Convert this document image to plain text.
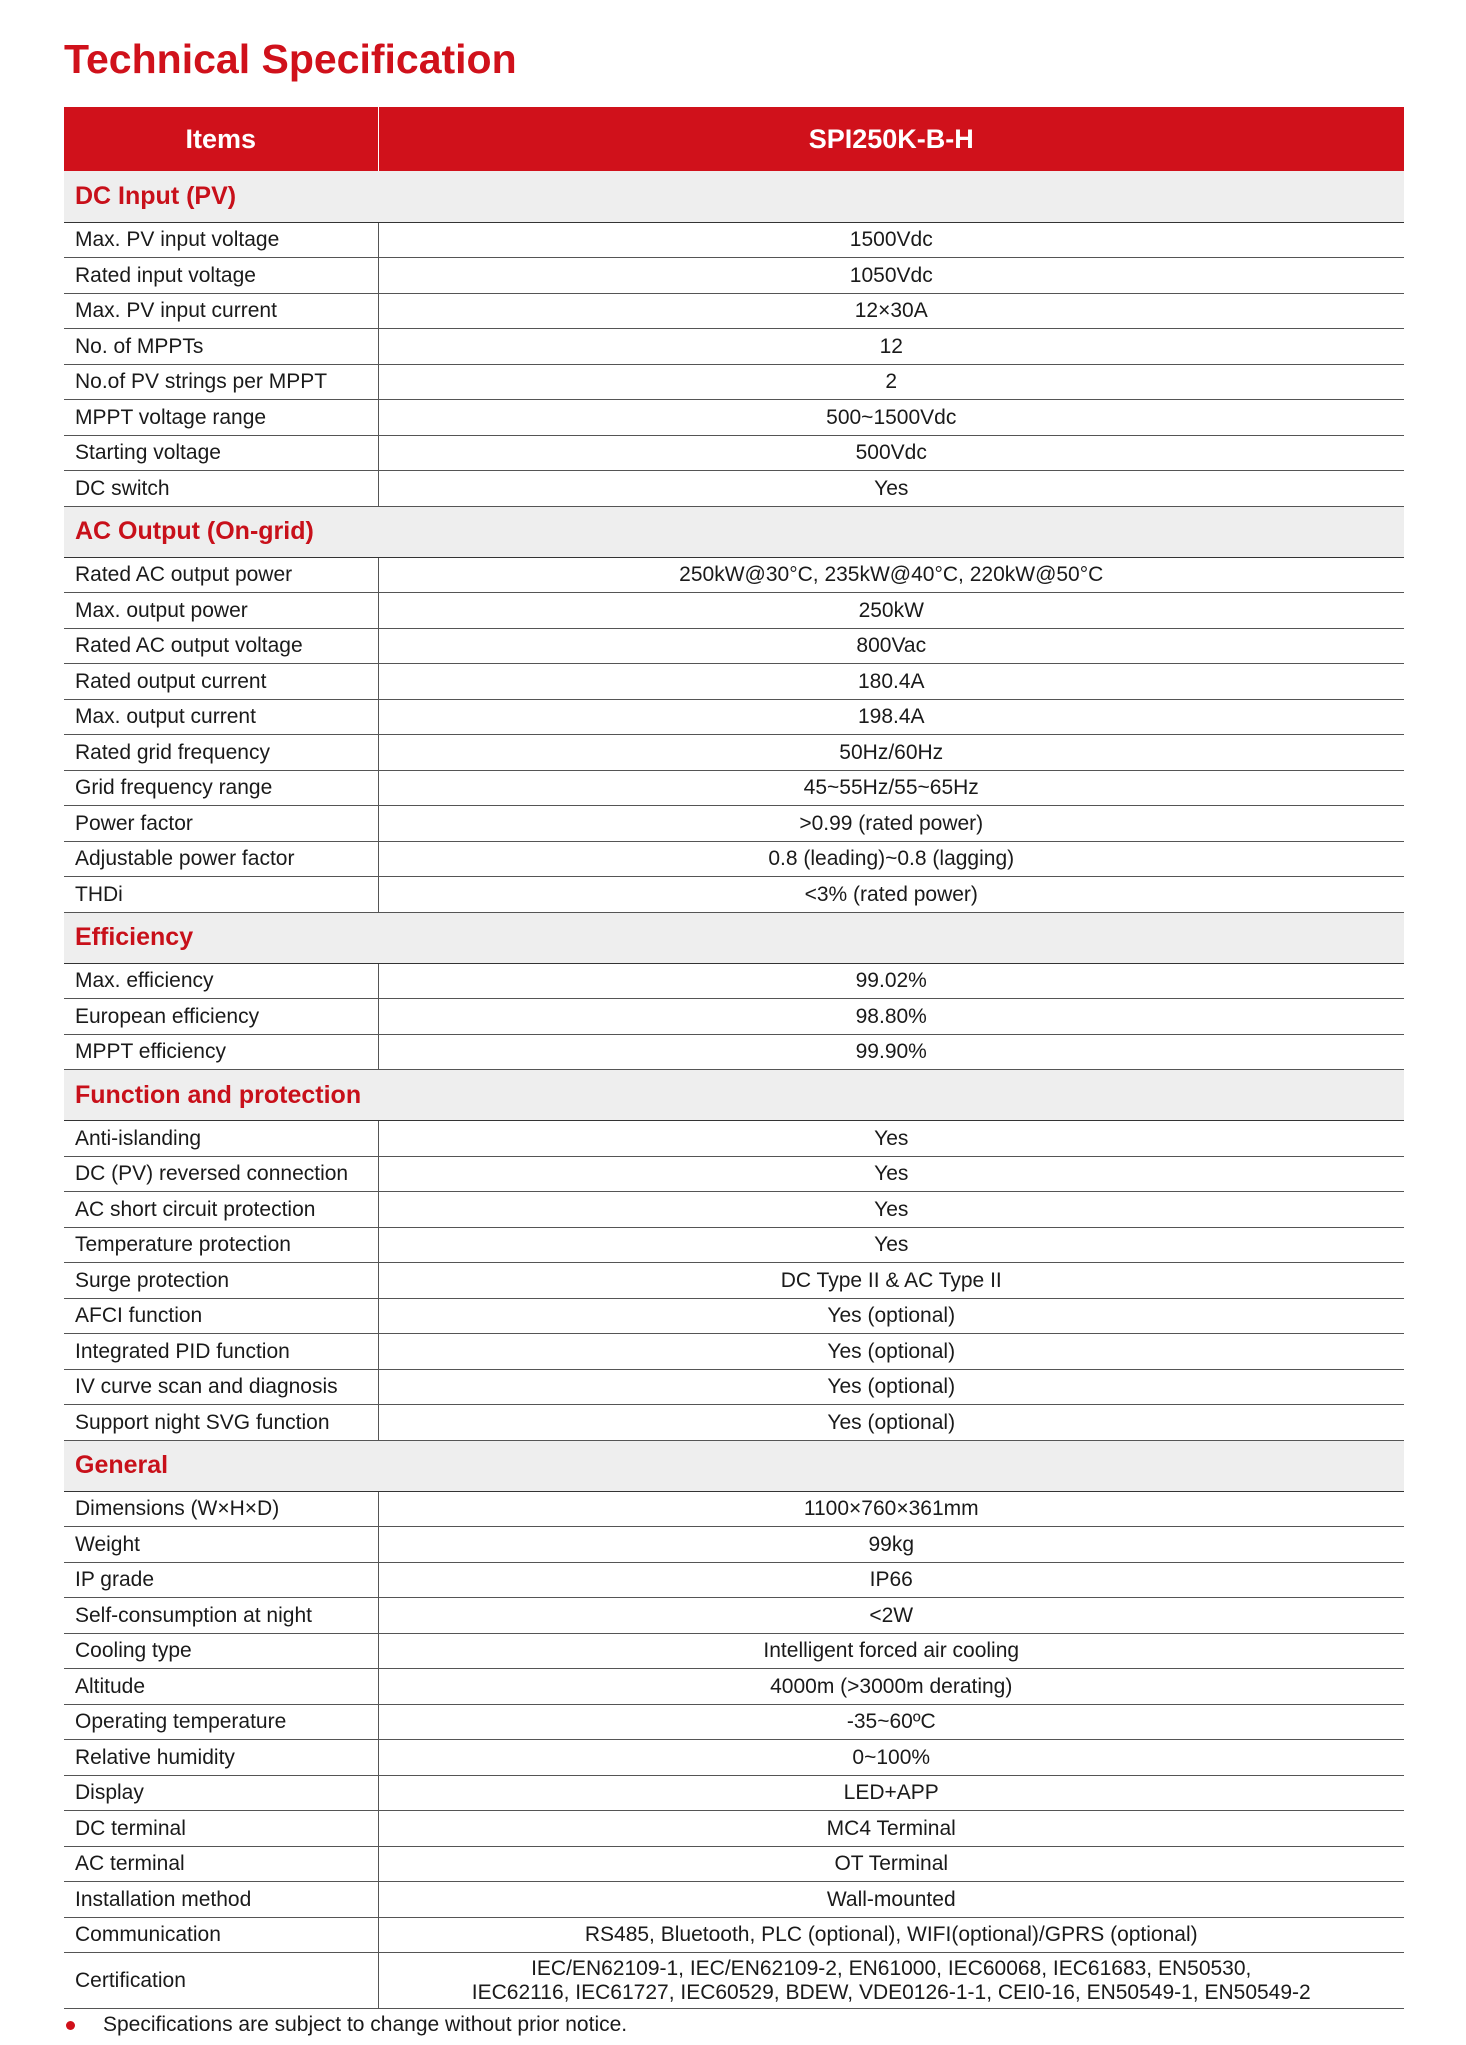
Technical Specification
Items	SPI250K-B-H
DC Input (PV)	
Max. PV input voltage	1500Vdc
Rated input voltage	1050Vdc
Max. PV input current	12×30A
No. of MPPTs	12
No.of PV strings per MPPT	2
MPPT voltage range	500~1500Vdc
Starting voltage	500Vdc
DC switch	Yes
AC Output (On-grid)	
Rated AC output power	250kW@30°C, 235kW@40°C, 220kW@50°C
Max. output power	250kW
Rated AC output voltage	800Vac
Rated output current	180.4A
Max. output current	198.4A
Rated grid frequency	50Hz/60Hz
Grid frequency range	45~55Hz/55~65Hz
Power factor	>0.99 (rated power)
Adjustable power factor	0.8 (leading)~0.8 (lagging)
THDi	<3% (rated power)
Efficiency	
Max. efficiency	99.02%
European efficiency	98.80%
MPPT efficiency	99.90%
Function and protection	
Anti-islanding	Yes
DC (PV) reversed connection	Yes
AC short circuit protection	Yes
Temperature protection	Yes
Surge protection	DC Type II & AC Type II
AFCI function	Yes (optional)
Integrated PID function	Yes (optional)
IV curve scan and diagnosis	Yes (optional)
Support night SVG function	Yes (optional)
General	
Dimensions (W×H×D)	1100×760×361mm
Weight	99kg
IP grade	IP66
Self-consumption at night	<2W
Cooling type	Intelligent forced air cooling
Altitude	4000m (>3000m derating)
Operating temperature	-35~60ºC
Relative humidity	0~100%
Display	LED+APP
DC terminal	MC4 Terminal
AC terminal	OT Terminal
Installation method	Wall-mounted
Communication	RS485, Bluetooth, PLC (optional), WIFI(optional)/GPRS (optional)
Certification	IEC/EN62109-1, IEC/EN62109-2, EN61000, IEC60068, IEC61683, EN50530,
IEC62116, IEC61727, IEC60529, BDEW, VDE0126-1-1, CEI0-16, EN50549-1, EN50549-2
Specifications are subject to change without prior notice.
